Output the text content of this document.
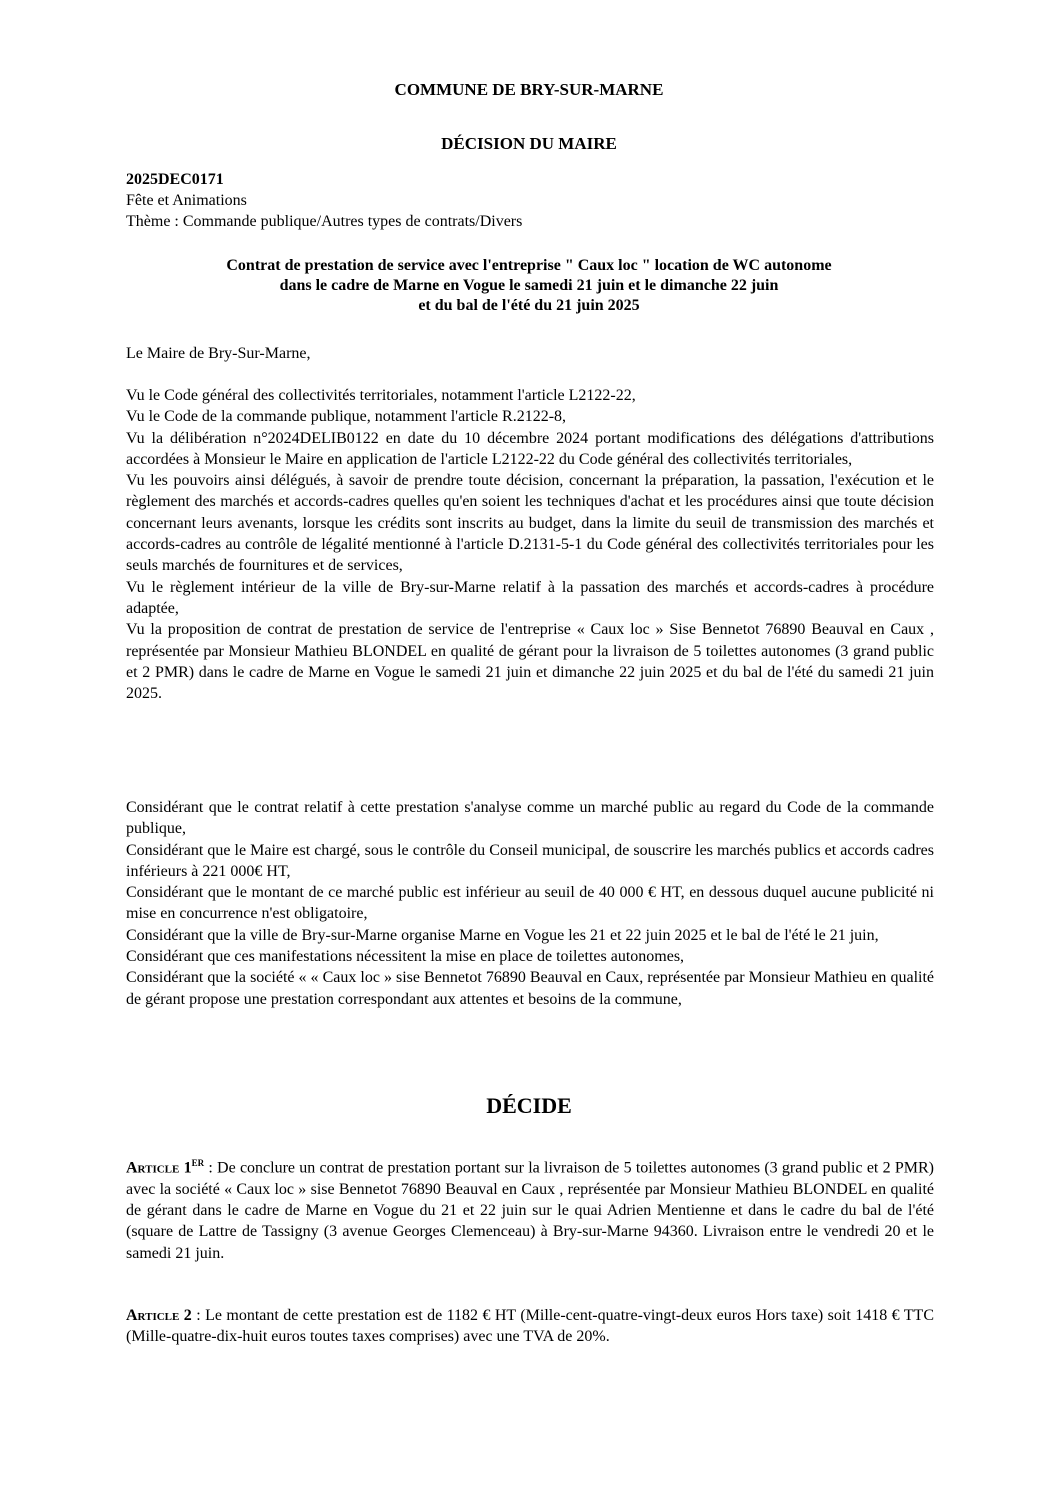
COMMUNE DE BRY-SUR-MARNE
DÉCISION DU MAIRE
2025DEC0171
Fête et Animations
Thème : Commande publique/Autres types de contrats/Divers
Contrat de prestation de service avec l'entreprise " Caux loc " location de WC autonome
dans le cadre de Marne en Vogue le samedi 21 juin et le dimanche 22 juin
et du bal de l'été du 21 juin 2025
Le Maire de Bry-Sur-Marne,
Vu le Code général des collectivités territoriales, notamment l'article L2122-22,
Vu le Code de la commande publique, notamment l'article R.2122-8,
Vu la délibération n°2024DELIB0122 en date du 10 décembre 2024 portant modifications des délégations d'attributions accordées à Monsieur le Maire en application de l'article L2122-22 du Code général des collectivités territoriales,
Vu les pouvoirs ainsi délégués, à savoir de prendre toute décision, concernant la préparation, la passation, l'exécution et le règlement des marchés et accords-cadres quelles qu'en soient les techniques d'achat et les procédures ainsi que toute décision concernant leurs avenants, lorsque les crédits sont inscrits au budget, dans la limite du seuil de transmission des marchés et accords-cadres au contrôle de légalité mentionné à l'article D.2131-5-1 du Code général des collectivités territoriales pour les seuls marchés de fournitures et de services,
Vu le règlement intérieur de la ville de Bry-sur-Marne relatif à la passation des marchés et accords-cadres à procédure adaptée,
Vu la proposition de contrat de prestation de service de l'entreprise « Caux loc » Sise Bennetot 76890 Beauval en Caux , représentée par Monsieur Mathieu BLONDEL en qualité de gérant pour la livraison de 5 toilettes autonomes (3 grand public et 2 PMR) dans le cadre de Marne en Vogue le samedi 21 juin et dimanche 22 juin 2025 et du bal de l'été du samedi 21 juin 2025.
Considérant que le contrat relatif à cette prestation s'analyse comme un marché public au regard du Code de la commande publique,
Considérant que le Maire est chargé, sous le contrôle du Conseil municipal, de souscrire les marchés publics et accords cadres inférieurs à 221 000€ HT,
Considérant que le montant de ce marché public est inférieur au seuil de 40 000 € HT, en dessous duquel aucune publicité ni mise en concurrence n'est obligatoire,
Considérant que la ville de Bry-sur-Marne organise Marne en Vogue les 21 et 22 juin 2025 et le bal de l'été le 21 juin,
Considérant que ces manifestations nécessitent la mise en place de toilettes autonomes,
Considérant que la société « « Caux loc » sise Bennetot 76890 Beauval en Caux, représentée par Monsieur Mathieu en qualité de gérant propose une prestation correspondant aux attentes et besoins de la commune,
DÉCIDE
Article 1er : De conclure un contrat de prestation portant sur la livraison de 5 toilettes autonomes (3 grand public et 2 PMR) avec la société « Caux loc » sise Bennetot 76890 Beauval en Caux , représentée par Monsieur Mathieu BLONDEL en qualité de gérant dans le cadre de Marne en Vogue du 21 et 22 juin sur le quai Adrien Mentienne et dans le cadre du bal de l'été (square de Lattre de Tassigny (3 avenue Georges Clemenceau) à Bry-sur-Marne 94360. Livraison entre le vendredi 20 et le samedi 21 juin.
Article 2 : Le montant de cette prestation est de 1182 € HT (Mille-cent-quatre-vingt-deux euros Hors taxe) soit 1418 € TTC (Mille-quatre-dix-huit euros toutes taxes comprises) avec une TVA de 20%.
